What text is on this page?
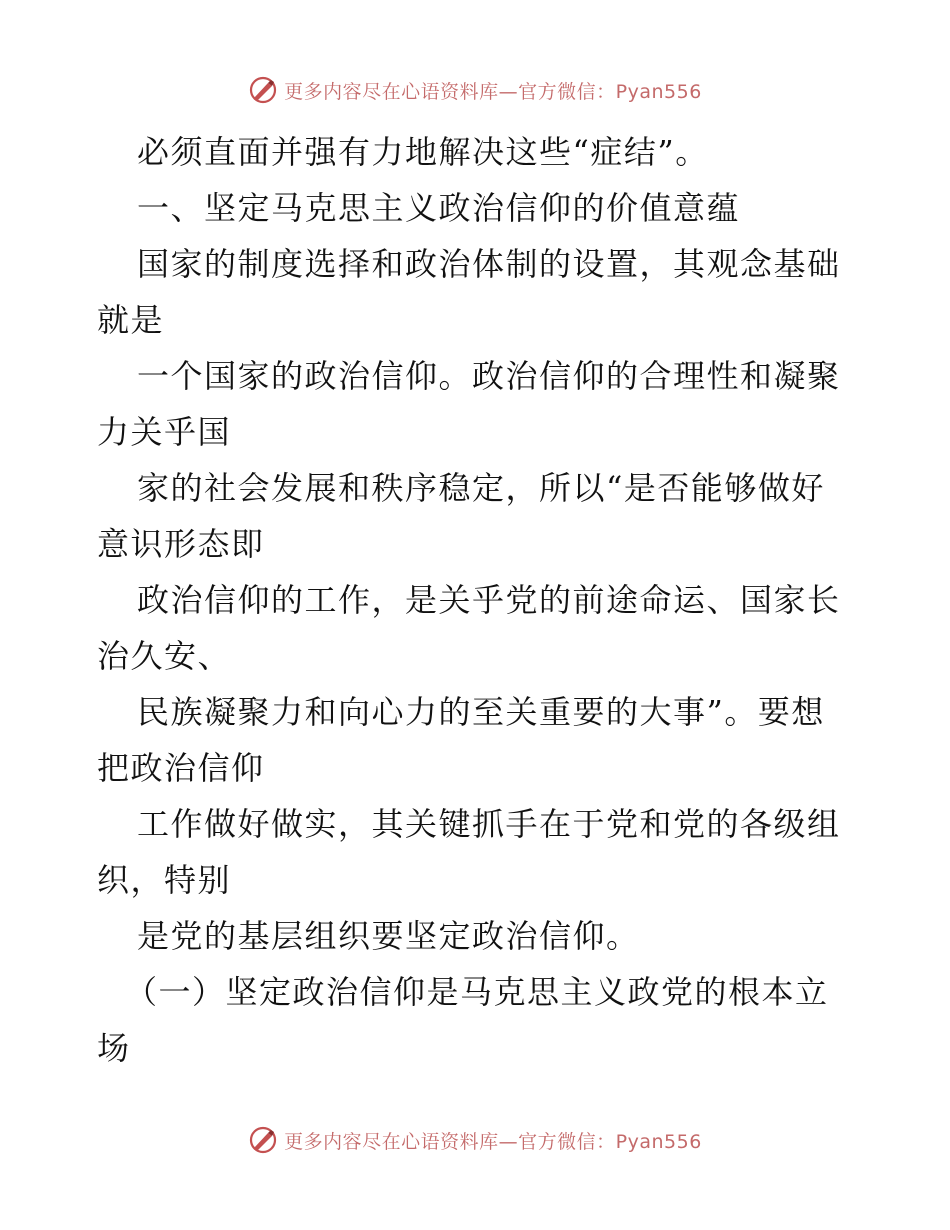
更多内容尽在心语资料库—官方微信：Pyan556
必须直面并强有力地解决这些“症结”。
一、坚定马克思主义政治信仰的价值意蕴
国家的制度选择和政治体制的设置，其观念基础
就是
一个国家的政治信仰。政治信仰的合理性和凝聚
力关乎国
家的社会发展和秩序稳定，所以“是否能够做好
意识形态即
政治信仰的工作，是关乎党的前途命运、国家长
治久安、
民族凝聚力和向心力的至关重要的大事”。要想
把政治信仰
工作做好做实，其关键抓手在于党和党的各级组
织，特别
是党的基层组织要坚定政治信仰。
（一）坚定政治信仰是马克思主义政党的根本立
场
更多内容尽在心语资料库—官方微信：Pyan556
